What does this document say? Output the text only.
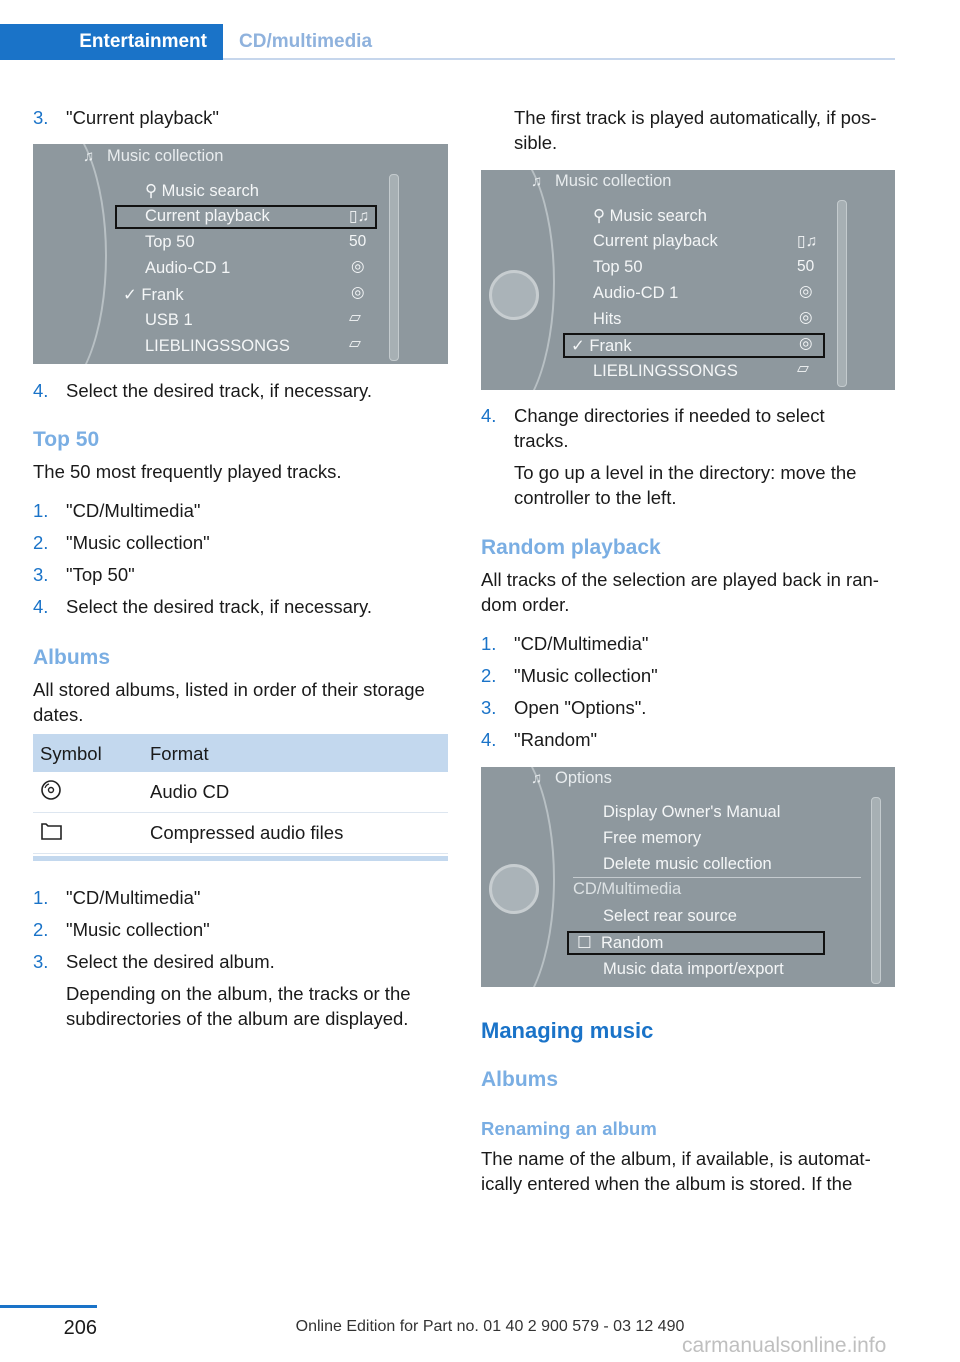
Entertainment	CD/multimedia
3. "Current playback"
♫ Music collection
⚲ Music search
Current playback	▯♫
Top 50	50
Audio-CD 1	◎
✓ Frank	◎
USB 1	▱
LIEBLINGSSONGS	▱
4. Select the desired track, if necessary.

Top 50

The 50 most frequently played tracks.

1. "CD/Multimedia"
2. "Music collection"
3. "Top 50"
4. Select the desired track, if necessary.

Albums

All stored albums, listed in order of their storage

dates.

Symbol	Format
Audio CD
Compressed audio files
1. "CD/Multimedia"
2. "Music collection"
3. Select the desired album.

Depending on the album, the tracks or the

subdirectories of the album are displayed.

The first track is played automatically, if pos-

sible.

♫ Music collection
⚲ Music search
Current playback	▯♫
Top 50	50
Audio-CD 1	◎
Hits	◎
✓ Frank	◎
LIEBLINGSSONGS	▱
4. Change directories if needed to select

tracks.

To go up a level in the directory: move the

controller to the left.

Random playback

All tracks of the selection are played back in ran-

dom order.

1. "CD/Multimedia"
2. "Music collection"
3. Open "Options".
4. "Random"
♫ Options
Display Owner's Manual
Free memory
Delete music collection
CD/Multimedia
Select rear source
☐  Random
Music data import/export

Managing music

Albums

Renaming an album

The name of the album, if available, is automat-

ically entered when the album is stored. If the

206	Online Edition for Part no. 01 40 2 900 579 - 03 12 490
carmanualsonline.info
